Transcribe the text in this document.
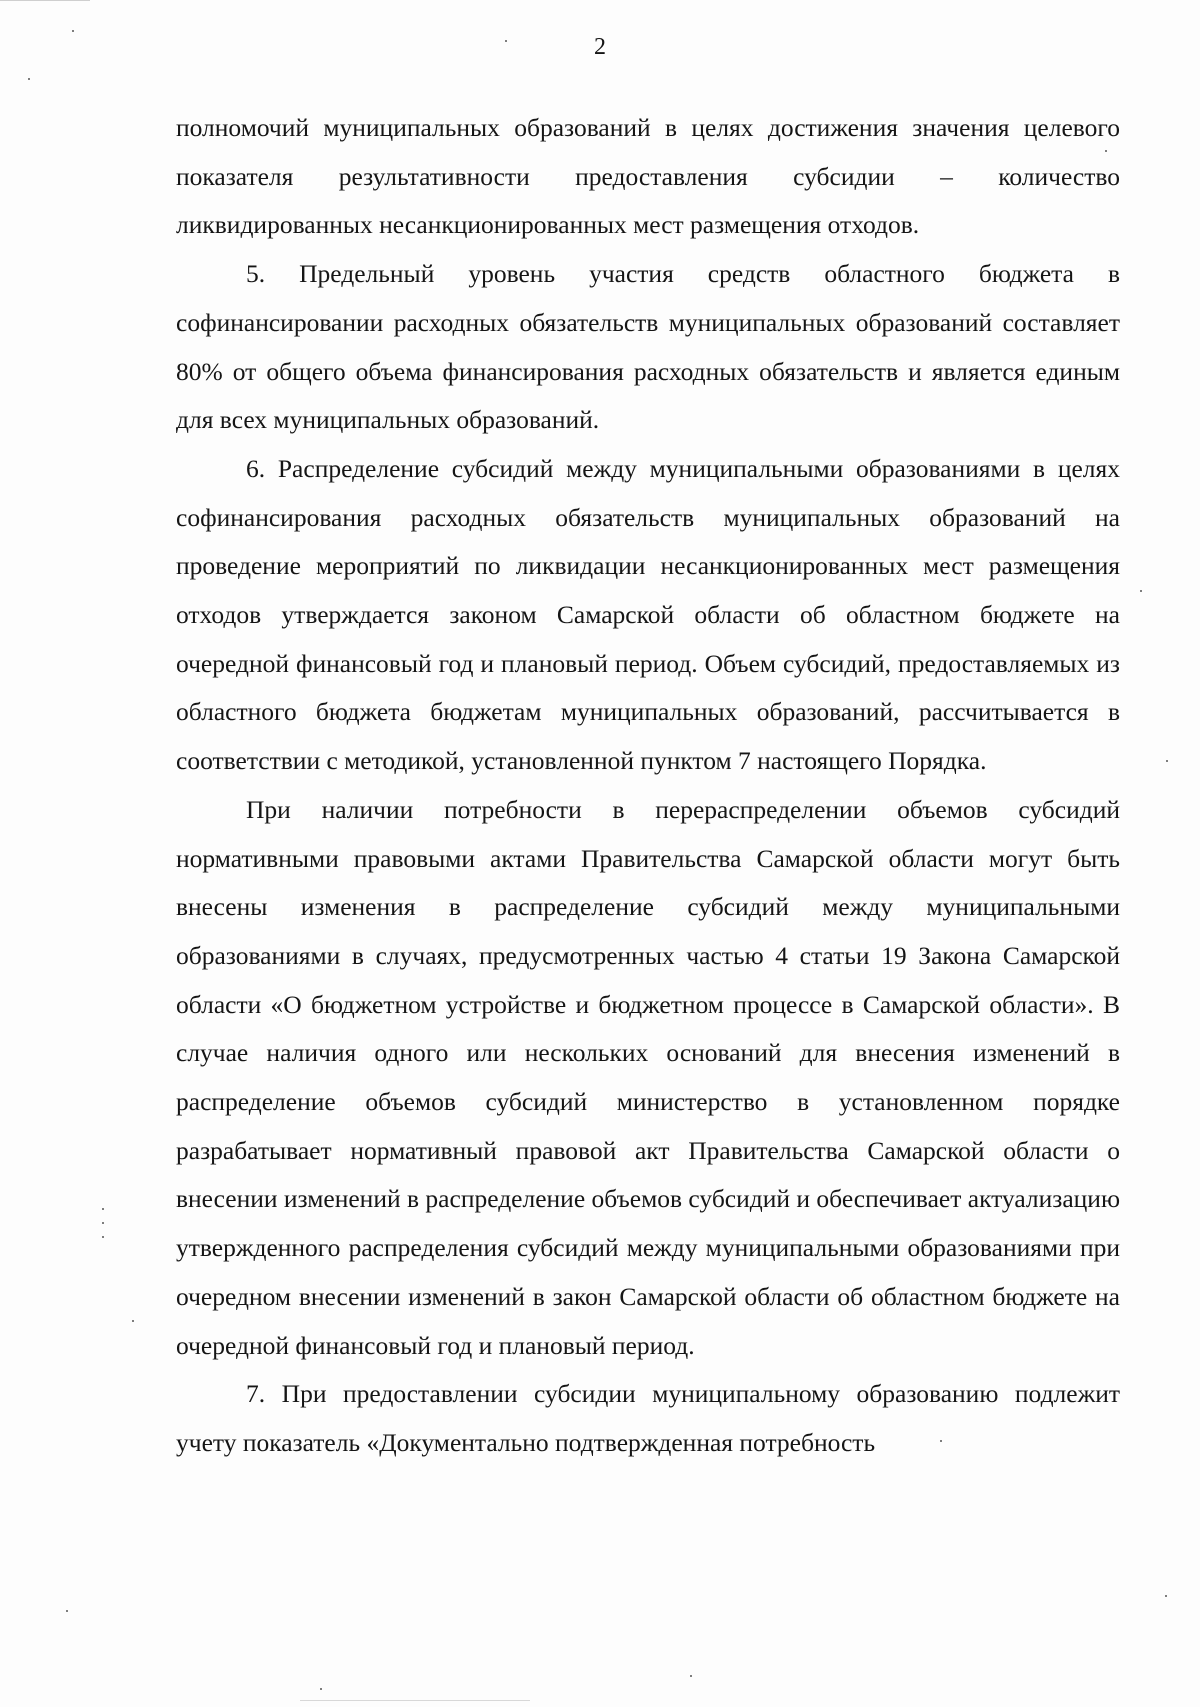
2

полномочий муниципальных образований в целях достижения значения целевого показателя результативности предоставления субсидии – количество ликвидированных несанкционированных мест размещения отходов.

5. Предельный уровень участия средств областного бюджета в софинансировании расходных обязательств муниципальных образований составляет 80% от общего объема финансирования расходных обязательств и является единым для всех муниципальных образований.

6. Распределение субсидий между муниципальными образованиями в целях софинансирования расходных обязательств муниципальных образований на проведение мероприятий по ликвидации несанкционированных мест размещения отходов утверждается законом Самарской области об областном бюджете на очередной финансовый год и плановый период. Объем субсидий, предоставляемых из областного бюджета бюджетам муниципальных образований, рассчитывается в соответствии с методикой, установленной пунктом 7 настоящего Порядка.

При наличии потребности в перераспределении объемов субсидий нормативными правовыми актами Правительства Самарской области могут быть внесены изменения в распределение субсидий между муниципальными образованиями в случаях, предусмотренных частью 4 статьи 19 Закона Самарской области «О бюджетном устройстве и бюджетном процессе в Самарской области». В случае наличия одного или нескольких оснований для внесения изменений в распределение объемов субсидий министерство в установленном порядке разрабатывает нормативный правовой акт Правительства Самарской области о внесении изменений в распределение объемов субсидий и обеспечивает актуализацию утвержденного распределения субсидий между муниципальными образованиями при очередном внесении изменений в закон Самарской области об областном бюджете на очередной финансовый год и плановый период.

7. При предоставлении субсидии муниципальному образованию подлежит учету показатель «Документально подтвержденная потребность
